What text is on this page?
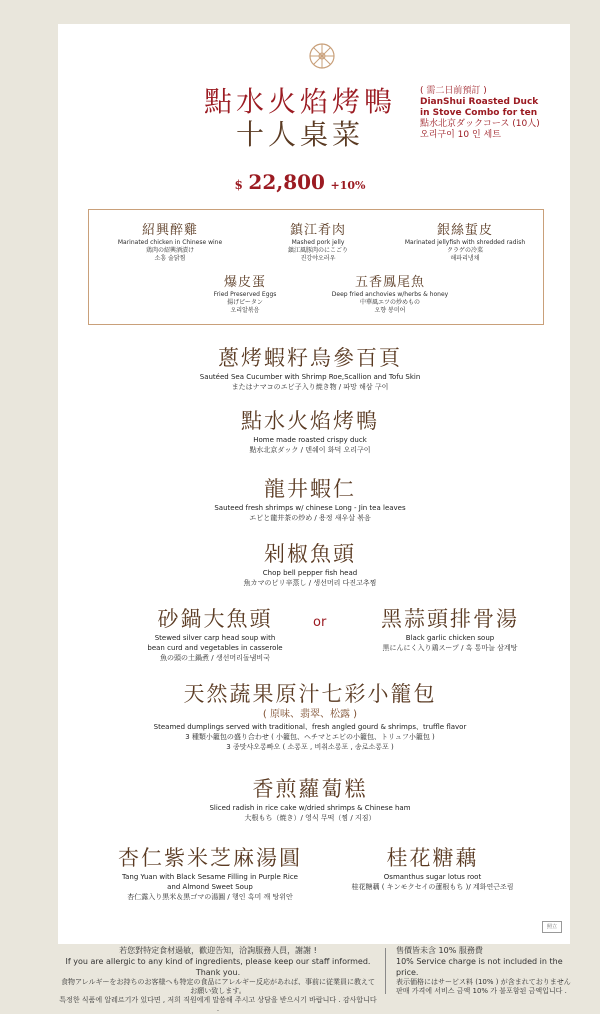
點水火焰烤鴨
十人桌菜
( 需二日前預訂 )
DianShui Roasted Duck
in Stove Combo for ten
點水北京ダックコース (10人)
오리구이 10 인 세트
$ 22,800 +10%
紹興醉雞
Marinated chicken in Chinese wine
鶏肉の紹興酒漬け
소흥 술닭찜
鎮江肴肉
Mashed pork jelly
鎮江風豚肉のにこごり
진강야오러우
銀絲蜇皮
Marinated jellyfish with shredded radish
クラゲの冷菜
해파리냉채
爆皮蛋
Fried Preserved Eggs
揚げピータン
오리알볶음
五香鳳尾魚
Deep fried anchovies w/herbs & honey
中華風エツの炒めもの
오향 봉미어
蔥烤蝦籽烏參百頁
Sautéed Sea Cucumber with Shrimp Roe,Scallion and Tofu Skin
またはナマコのエビ子入り焼き物 / 파망 해삼 구이
點水火焰烤鴨
Home made roasted crispy duck
點水北京ダック / 덴쉐이 화덕 오리구이
龍井蝦仁
Sauteed fresh shrimps w/ chinese Long - Jin tea leaves
エビと龍井茶の炒め / 용정 새우살 볶음
剁椒魚頭
Chop bell pepper fish head
魚カマのピリ辛蒸し / 생선머리 다진고추찜
砂鍋大魚頭
Stewed silver carp head soup with
bean curd and vegetables in casserole
魚の頭の土鍋煮 / 생선머리돌냄비국
or	黑蒜頭排骨湯
Black garlic chicken soup
黒にんにく入り鶏スープ / 흑 통마늘 삼계탕
天然蔬果原汁七彩小籠包
( 原味、翡翠、松露 )
Steamed dumplings served with traditional、fresh angled gourd & shrimps、truffle flavor
3 種類小籠包の盛り合わせ ( 小籠包、ヘチマとエビの小籠包、トリュフ小籠包 )
3 종맛샤오롱빠오 ( 소롱포 , 비취소롱포 , 송로소롱포 )
香煎蘿蔔糕
Sliced radish in rice cake w/dried shrimps & Chinese ham
大根もち（焼き）/ 영식 무떡（찜 / 지짐）
杏仁紫米芝麻湯圓
Tang Yuan with Black Sesame Filling in Purple Rice
and Almond Sweet Soup
杏仁露入り黒米＆黒ゴマの湯圓 / 행인 흑미 깨 탕위안
桂花糖藕
Osmanthus sugar lotus root
桂花糖藕 ( キンモクセイの蓮根もち )/ 계화연근조림
照立
若您對特定食材過敏，歡迎告知，洽詢服務人員，謝謝 !
If you are allergic to any kind of ingredients, please keep our staff informed. Thank you.
食物アレルギーをお持ちのお客様へも特定の食品にアレルギー反応があれば、事前に従業員に教えてお願い致します。
특정한 식품에 알레르기가 있다면 , 저희 직원에게 말씀해 주시고 상담을 받으시기 바랍니다 . 감사합니다 .
售價皆未含 10% 服務費
10% Service charge is not included in the price.
表示価格にはサービス料 (10% ) が含まれておりません
판매 가격에 서비스 금액 10% 가 불포함된 금액입니다 .
